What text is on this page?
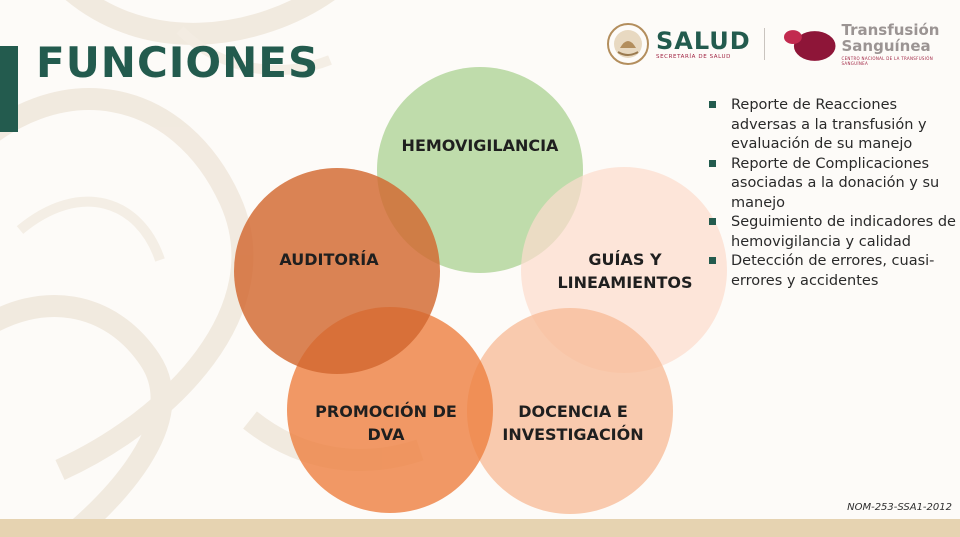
FUNCIONES	SALUD
SECRETARÍA DE SALUD
Transfusión
Sanguínea
CENTRO NACIONAL DE LA TRANSFUSIÓN SANGUÍNEA
HEMOVIGILANCIA
GUÍAS Y
LINEAMIENTOS
DOCENCIA E
INVESTIGACIÓN
PROMOCIÓN DE
DVA
AUDITORÍA
Reporte de Reacciones adversas a la transfusión y evaluación de su manejo
Reporte de Complicaciones asociadas a la donación y su manejo
Seguimiento de indicadores de hemovigilancia y calidad
Detección de errores, cuasi-errores y accidentes
NOM-253-SSA1-2012
